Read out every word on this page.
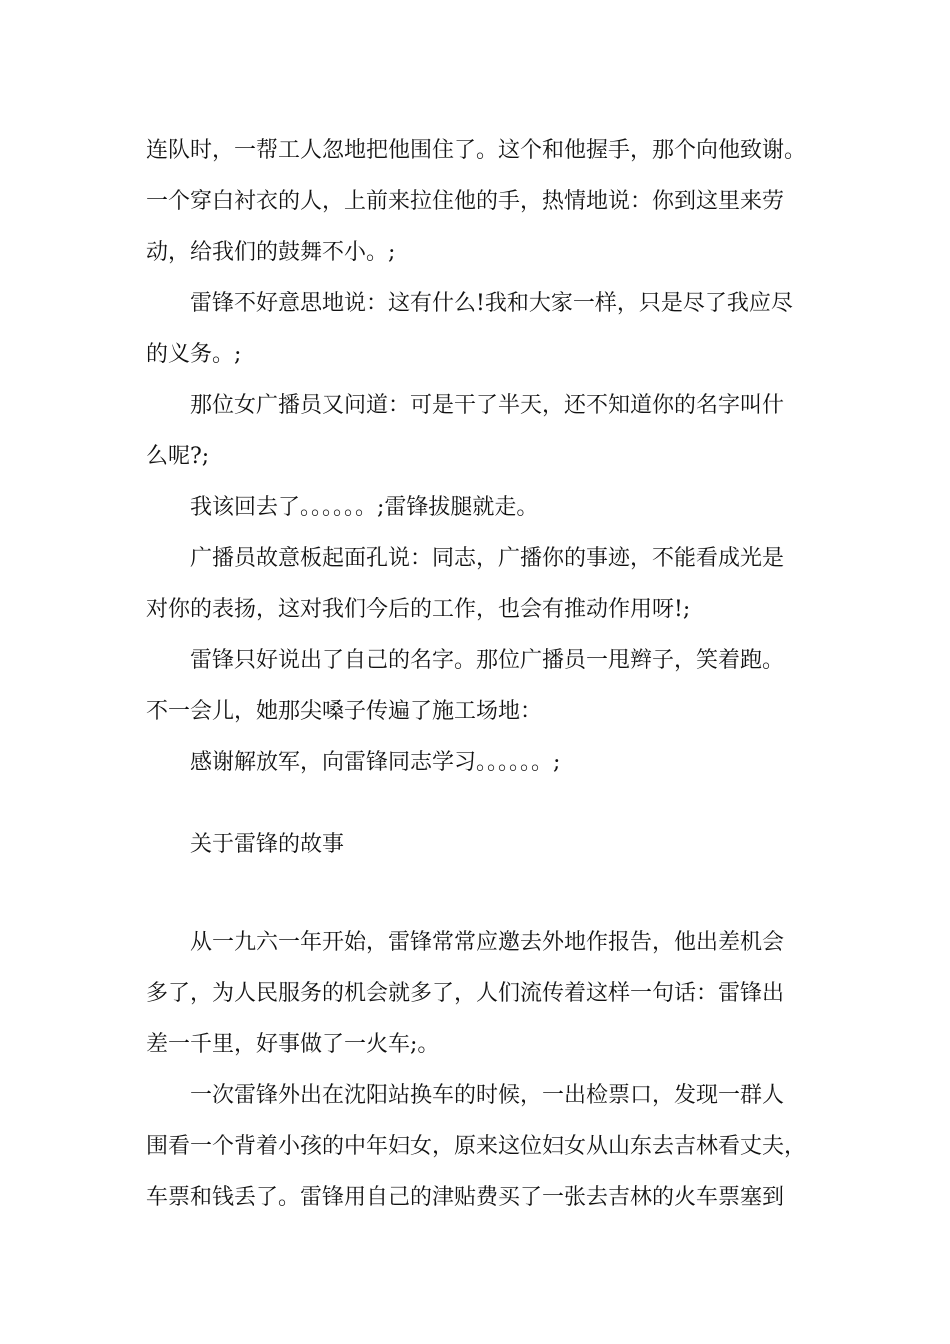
连队时，一帮工人忽地把他围住了。这个和他握手，那个向他致谢。
一个穿白衬衣的人，上前来拉住他的手，热情地说：你到这里来劳
动，给我们的鼓舞不小。;
雷锋不好意思地说：这有什么!我和大家一样，只是尽了我应尽
的义务。;
那位女广播员又问道：可是干了半天，还不知道你的名字叫什
么呢?;
我该回去了。。。。。。;雷锋拔腿就走。
广播员故意板起面孔说：同志，广播你的事迹，不能看成光是
对你的表扬，这对我们今后的工作，也会有推动作用呀!;
雷锋只好说出了自己的名字。那位广播员一甩辫子，笑着跑。
不一会儿，她那尖嗓子传遍了施工场地：
感谢解放军，向雷锋同志学习。。。。。。;
关于雷锋的故事
从一九六一年开始，雷锋常常应邀去外地作报告，他出差机会
多了，为人民服务的机会就多了，人们流传着这样一句话：雷锋出
差一千里，好事做了一火车;。
一次雷锋外出在沈阳站换车的时候，一出检票口，发现一群人
围看一个背着小孩的中年妇女，原来这位妇女从山东去吉林看丈夫，
车票和钱丢了。雷锋用自己的津贴费买了一张去吉林的火车票塞到
